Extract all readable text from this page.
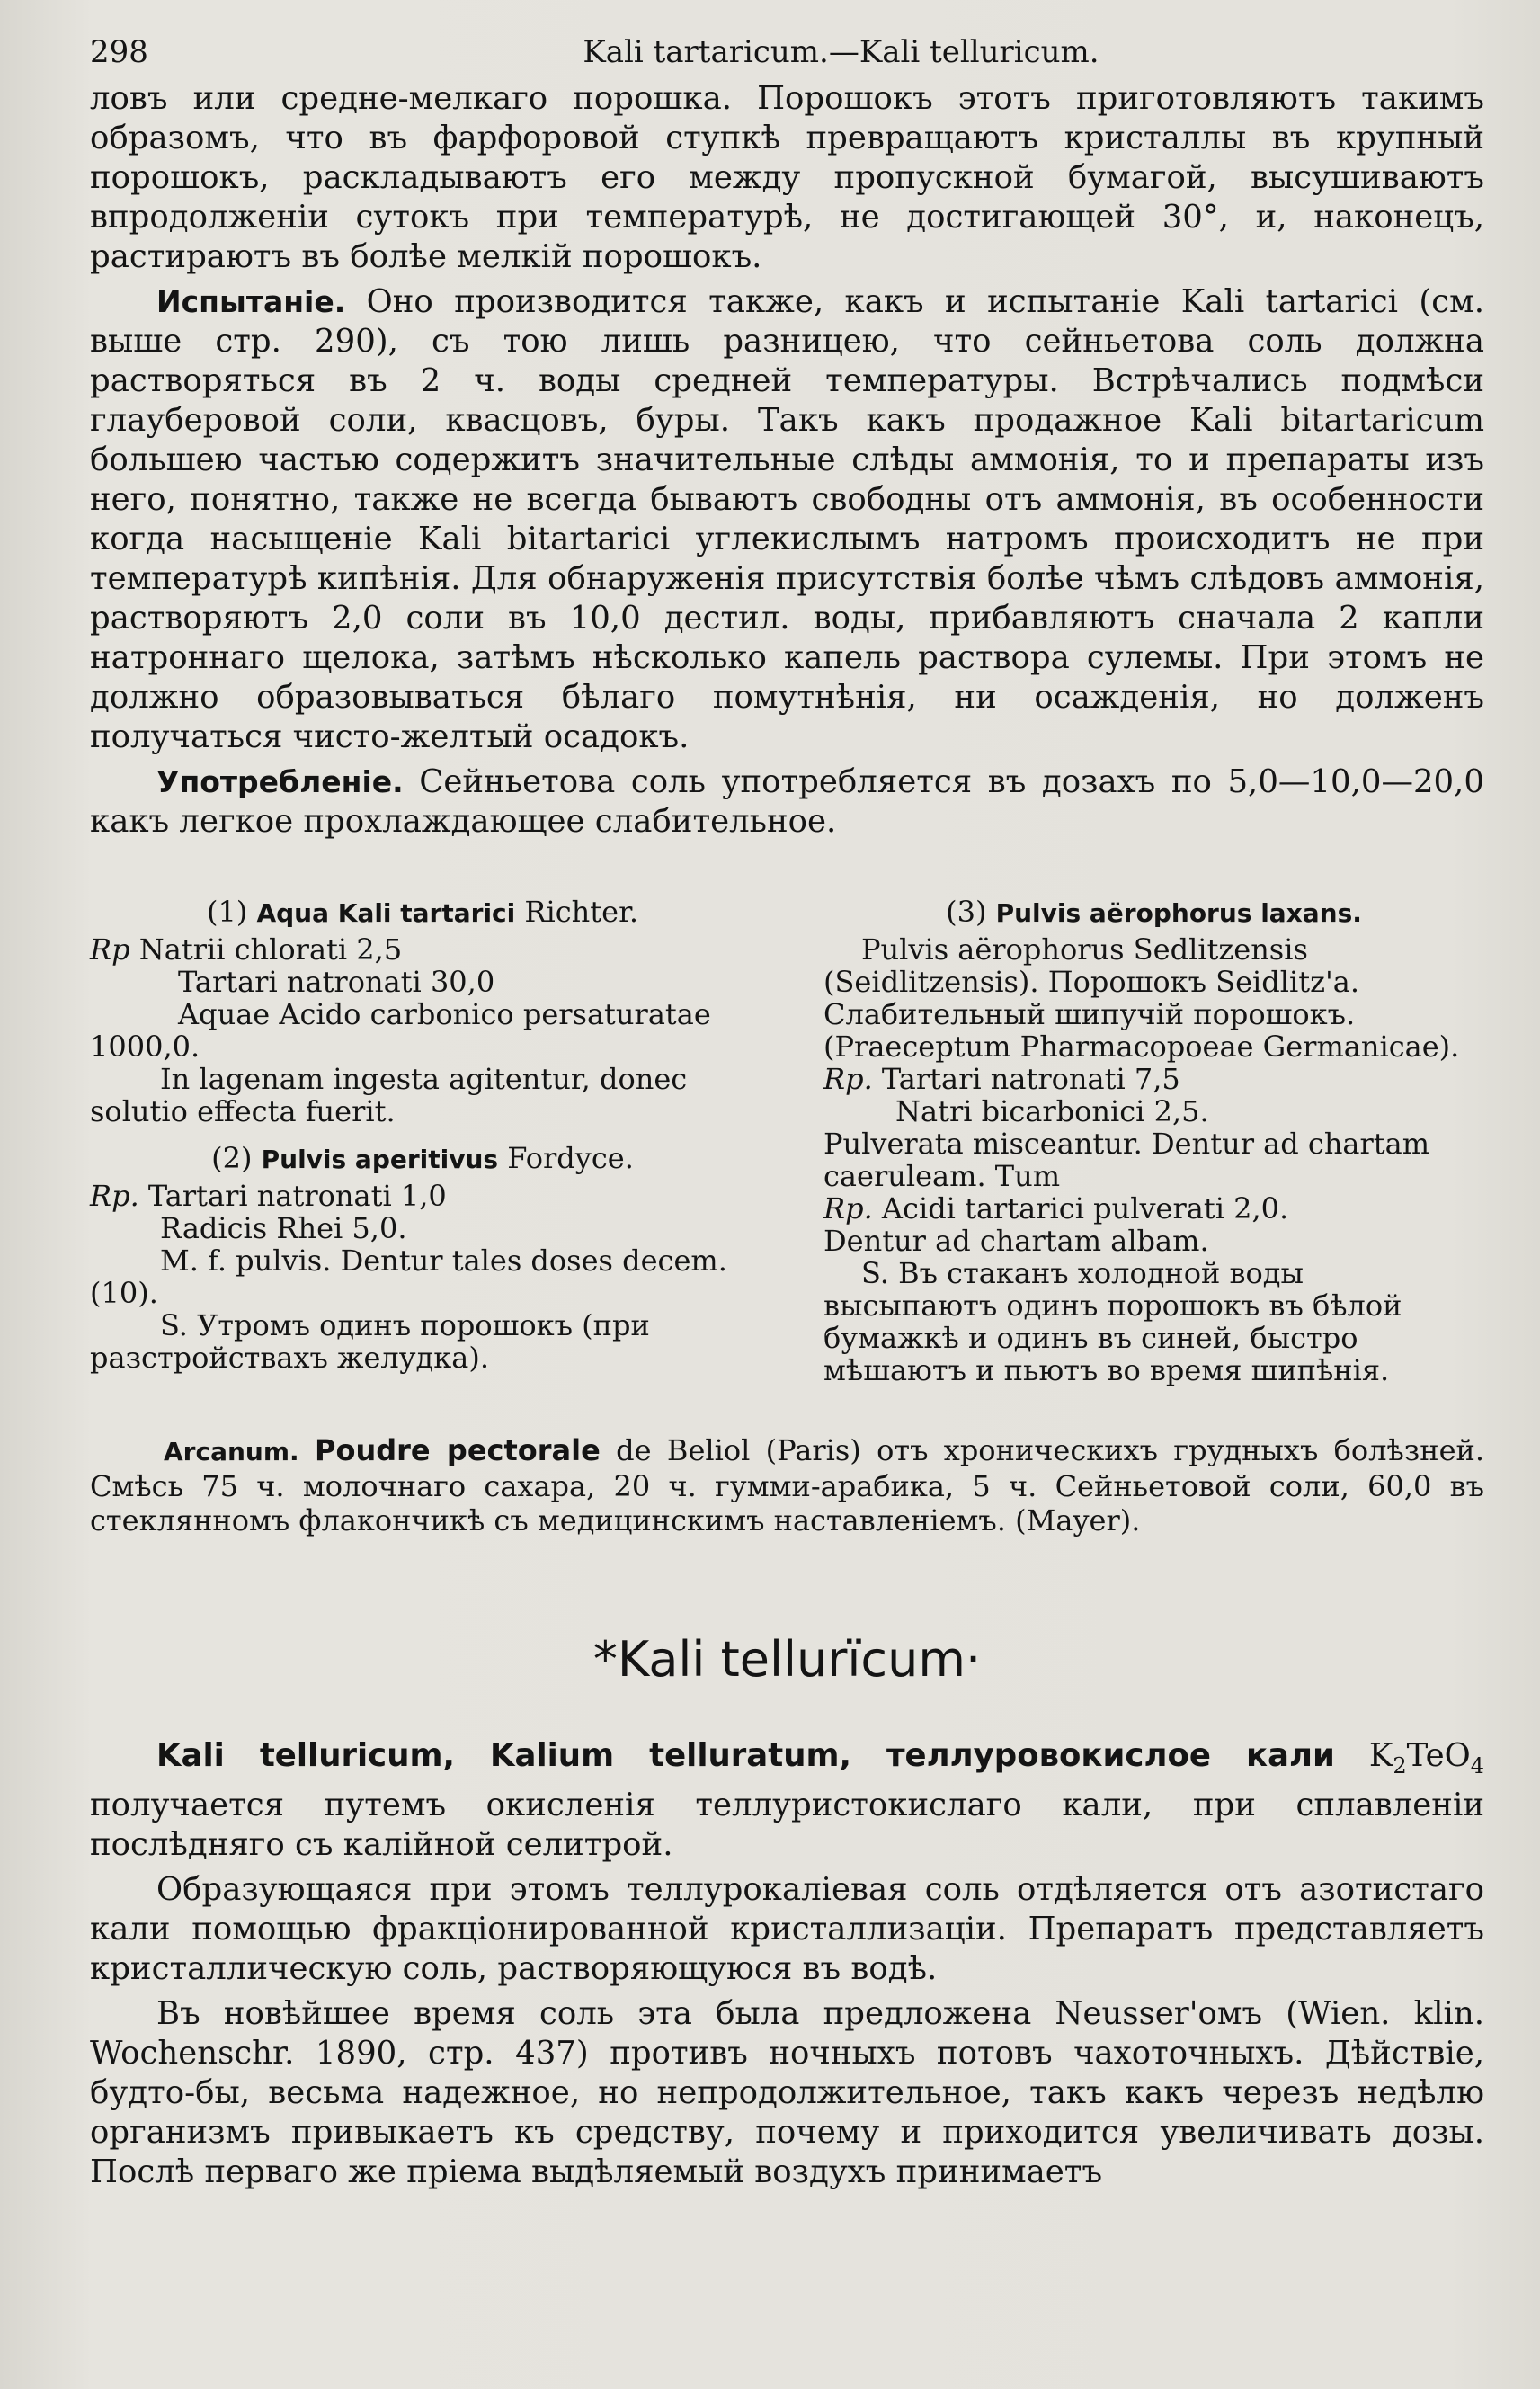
298	Kali tartaricum.—Kali telluricum.

ловъ или средне-мелкаго порошка. Порошокъ этотъ приготовляютъ такимъ образомъ, что въ фарфоровой ступкѣ превращаютъ кристаллы въ крупный порошокъ, раскладываютъ его между пропускной бумагой, высушиваютъ впродолженіи сутокъ при температурѣ, не достигающей 30°, и, наконецъ, растираютъ въ болѣе мелкій порошокъ.

Испытаніе. Оно производится также, какъ и испытаніе Kali tartarici (см. выше стр. 290), съ тою лишь разницею, что сейньетова соль должна растворяться въ 2 ч. воды средней температуры. Встрѣчались подмѣси глауберовой соли, квасцовъ, буры. Такъ какъ продажное Kali bitartaricum большею частью содержитъ значительные слѣды аммонія, то и препараты изъ него, понятно, также не всегда бываютъ свободны отъ аммонія, въ особенности когда насыщеніе Kali bitartarici углекислымъ натромъ происходитъ не при температурѣ кипѣнія. Для обнаруженія присутствія болѣе чѣмъ слѣдовъ аммонія, растворяютъ 2,0 соли въ 10,0 дестил. воды, прибавляютъ сначала 2 капли натроннаго щелока, затѣмъ нѣсколько капель раствора сулемы. При этомъ не должно образовываться бѣлаго помутнѣнія, ни осажденія, но долженъ получаться чисто-желтый осадокъ.

Употребленіе. Сейньетова соль употребляется въ дозахъ по 5,0—10,0—20,0 какъ легкое прохлаждающее слабительное.

(1) Aqua Kali tartarici Richter.

Rp Natrii chlorati 2,5

Tartari natronati 30,0

Aquae Acido carbonico persaturatae 1000,0.

In lagenam ingesta agitentur, donec solutio effecta fuerit.

(2) Pulvis aperitivus Fordyce.

Rp. Tartari natronati 1,0

Radicis Rhei 5,0.

M. f. pulvis. Dentur tales doses decem. (10).

S. Утромъ одинъ порошокъ (при разстройствахъ желудка).

(3) Pulvis aërophorus laxans.

Pulvis aërophorus Sedlitzensis (Seidlitzensis). Порошокъ Seidlitz'а. Слабительный шипучій порошокъ.

(Praeceptum Pharmacopoeae Germanicae).

Rp. Tartari natronati 7,5

Natri bicarbonici 2,5.

Pulverata misceantur. Dentur ad chartam caeruleam. Tum

Rp. Acidi tartarici pulverati 2,0.

Dentur ad chartam albam.

S. Въ стаканъ холодной воды высыпаютъ одинъ порошокъ въ бѣлой бумажкѣ и одинъ въ синей, быстро мѣшаютъ и пьютъ во время шипѣнія.

Arcanum. Poudre pectorale de Beliol (Paris) отъ хроническихъ грудныхъ болѣзней. Смѣсь 75 ч. молочнаго сахара, 20 ч. гумми-арабика, 5 ч. Сейньетовой соли, 60,0 въ стеклянномъ флакончикѣ съ медицинскимъ наставленіемъ. (Mayer).

*Kali tellurïcum·

Kali telluricum, Kalium telluratum, теллуровокислое кали $K_2TeO_4$ получается путемъ окисленія теллуристокислаго кали, при сплавленіи послѣдняго съ калійной селитрой.

Образующаяся при этомъ теллурокаліевая соль отдѣляется отъ азотистаго кали помощью фракціонированной кристаллизаціи. Препаратъ представляетъ кристаллическую соль, растворяющуюся въ водѣ.

Въ новѣйшее время соль эта была предложена Neusser'омъ (Wien. klin. Wochenschr. 1890, стр. 437) противъ ночныхъ потовъ чахоточныхъ. Дѣйствіе, будто-бы, весьма надежное, но непродолжительное, такъ какъ черезъ недѣлю организмъ привыкаетъ къ средству, почему и приходится увеличивать дозы. Послѣ перваго же пріема выдѣляемый воздухъ принимаетъ
